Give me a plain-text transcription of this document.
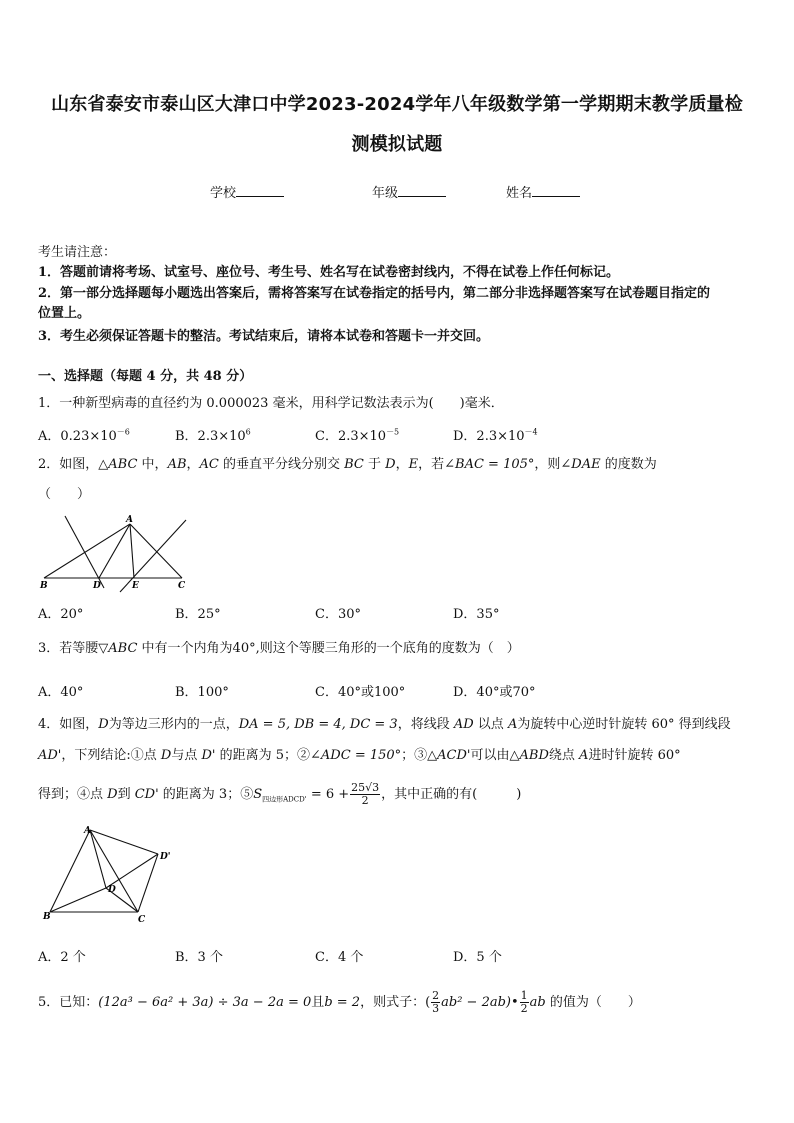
山东省泰安市泰山区大津口中学2023-2024学年八年级数学第一学期期末教学质量检
测模拟试题
学校	年级	姓名
考生请注意：
1．答题前请将考场、试室号、座位号、考生号、姓名写在试卷密封线内，不得在试卷上作任何标记。
2．第一部分选择题每小题选出答案后，需将答案写在试卷指定的括号内，第二部分非选择题答案写在试卷题目指定的
位置上。
3．考生必须保证答题卡的整洁。考试结束后，请将本试卷和答题卡一并交回。
一、选择题（每题 4 分，共 48 分）
1．一种新型病毒的直径约为 0.000023 毫米，用科学记数法表示为(　　)毫米．
A．$0.23\times 10^{-6}$	B．$2.3\times 10^6$	C．$2.3\times 10^{-5}$	D．$2.3\times 10^{-4}$
2．如图，△ABC 中，AB，AC 的垂直平分线分别交 BC 于 D，E，若∠BAC = 105°，则∠DAE 的度数为
（　　）
A
B	D	E	C
A．20°	B．25°	C．30°	D．35°
3．若等腰▽ABC 中有一个内角为40°,则这个等腰三角形的一个底角的度数为（　）
A．40°	B．100°	C．40°或100°	D．40°或70°
4．如图，D为等边三形内的一点，DA = 5, DB = 4, DC = 3，将线段 AD 以点 A为旋转中心逆时针旋转 60° 得到线段
AD'，下列结论:①点 D与点 D' 的距离为 5；②∠ADC = 150°；③△ACD'可以由△ABD绕点 A进时针旋转 60°
得到；④点 D到 CD' 的距离为 3；$⑤S_{四边形ADCD'} = 6 + \frac{25√3}{2}$ ，其中正确的有(　　　)
A
D'
D
B	C
A．2 个	B．3 个	C．4 个	D．5 个
5．已知：(12a³ − 6a² + 3a) ÷ 3a − 2a = 0且b = 2，则式子：( $\frac{2}{3} ab^2$ − 2ab)• $\frac{1}{2}$ ab 的值为（　　）
